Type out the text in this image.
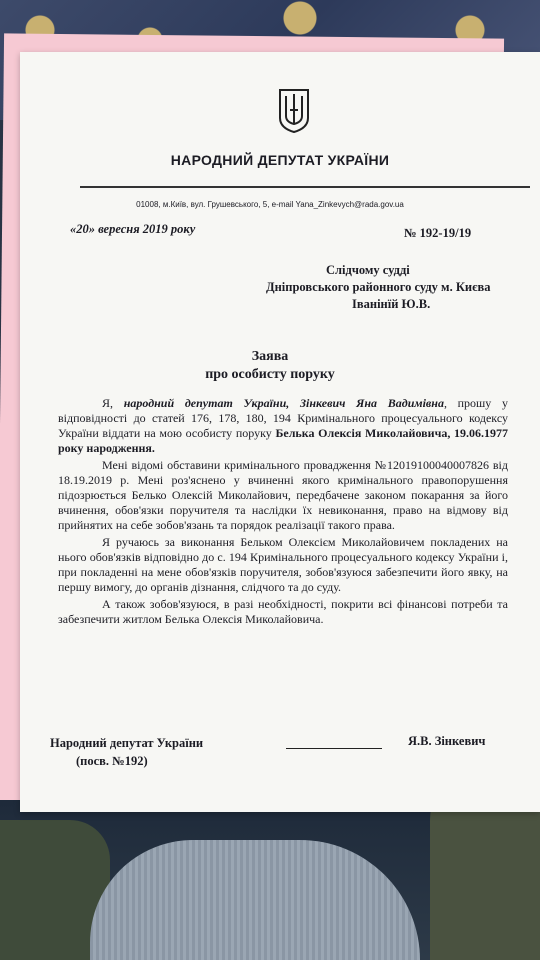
НАРОДНИЙ ДЕПУТАТ УКРАЇНИ
01008, м.Київ, вул. Грушевського, 5, e-mail Yana_Zinkevych@rada.gov.ua
«20» вересня 2019 року	№ 192-19/19
Слідчому судді
Дніпровського районного суду м. Києва
Іванінїй Ю.В.
Заява
про особисту поруку

Я, народний депутат України, Зінкевич Яна Вадимівна, прошу у відповідності до статей 176, 178, 180, 194 Кримінального процесуального кодексу України віддати на мою особисту поруку Белька Олексія Миколайовича, 19.06.1977 року народження.

Мені відомі обставини кримінального провадження №12019100040007826 від 18.19.2019 р. Мені роз'яснено у вчиненні якого кримінального правопорушення підозрюється Белько Олексій Миколайович, передбачене законом покарання за його вчинення, обов'язки поручителя та наслідки їх невиконання, право на відмову від прийнятих на себе зобов'язань та порядок реалізації такого права.

Я ручаюсь за виконання Бельком Олексієм Миколайовичем покладених на нього обов'язків відповідно до с. 194 Кримінального процесуального кодексу України і, при покладенні на мене обов'язків поручителя, зобов'язуюся забезпечити його явку, на першу вимогу, до органів дізнання, слідчого та до суду.

А також зобов'язуюся, в разі необхідності, покрити всі фінансові потреби та забезпечити житлом Белька Олексія Миколайовича.

Народний депутат України
(посв. №192)
Я.В. Зінкевич
